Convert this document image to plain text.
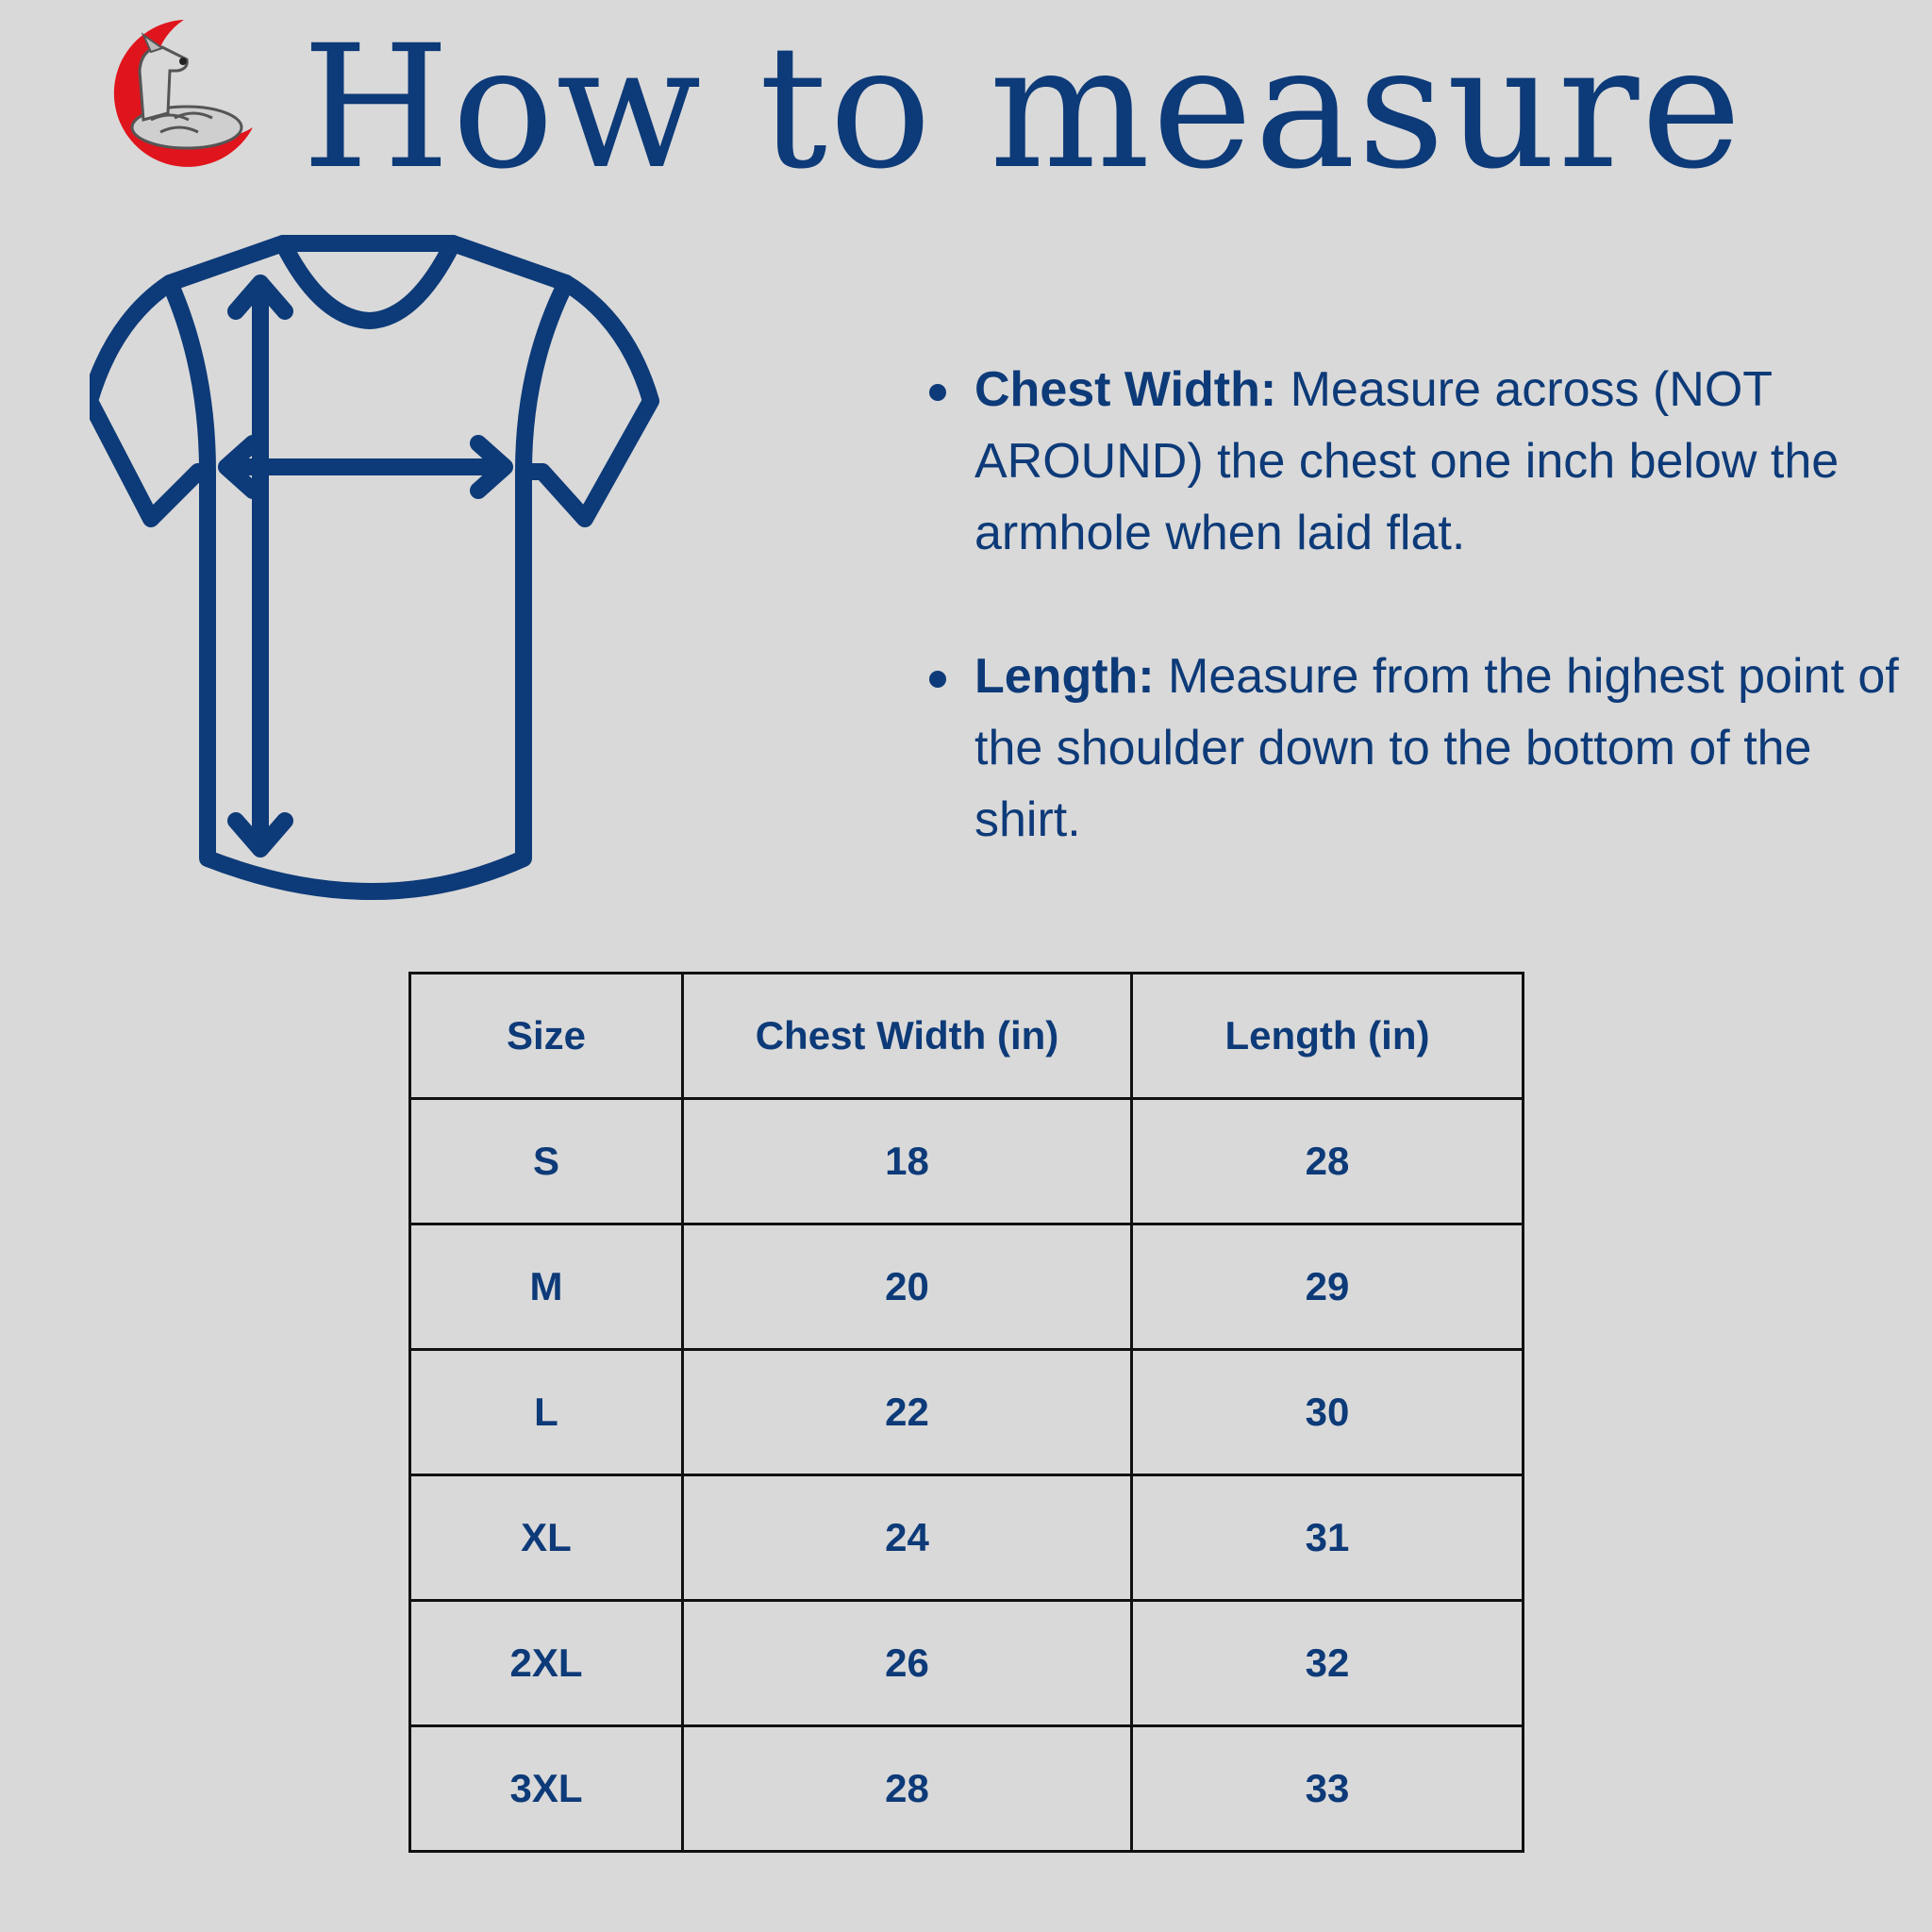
How to measure
Chest Width: Measure across (NOT AROUND) the chest one inch below the armhole when laid flat.
Length: Measure from the highest point of the shoulder down to the bottom of the shirt.
Size	Chest Width (in)	Length (in)
S	18	28
M	20	29
L	22	30
XL	24	31
2XL	26	32
3XL	28	33
